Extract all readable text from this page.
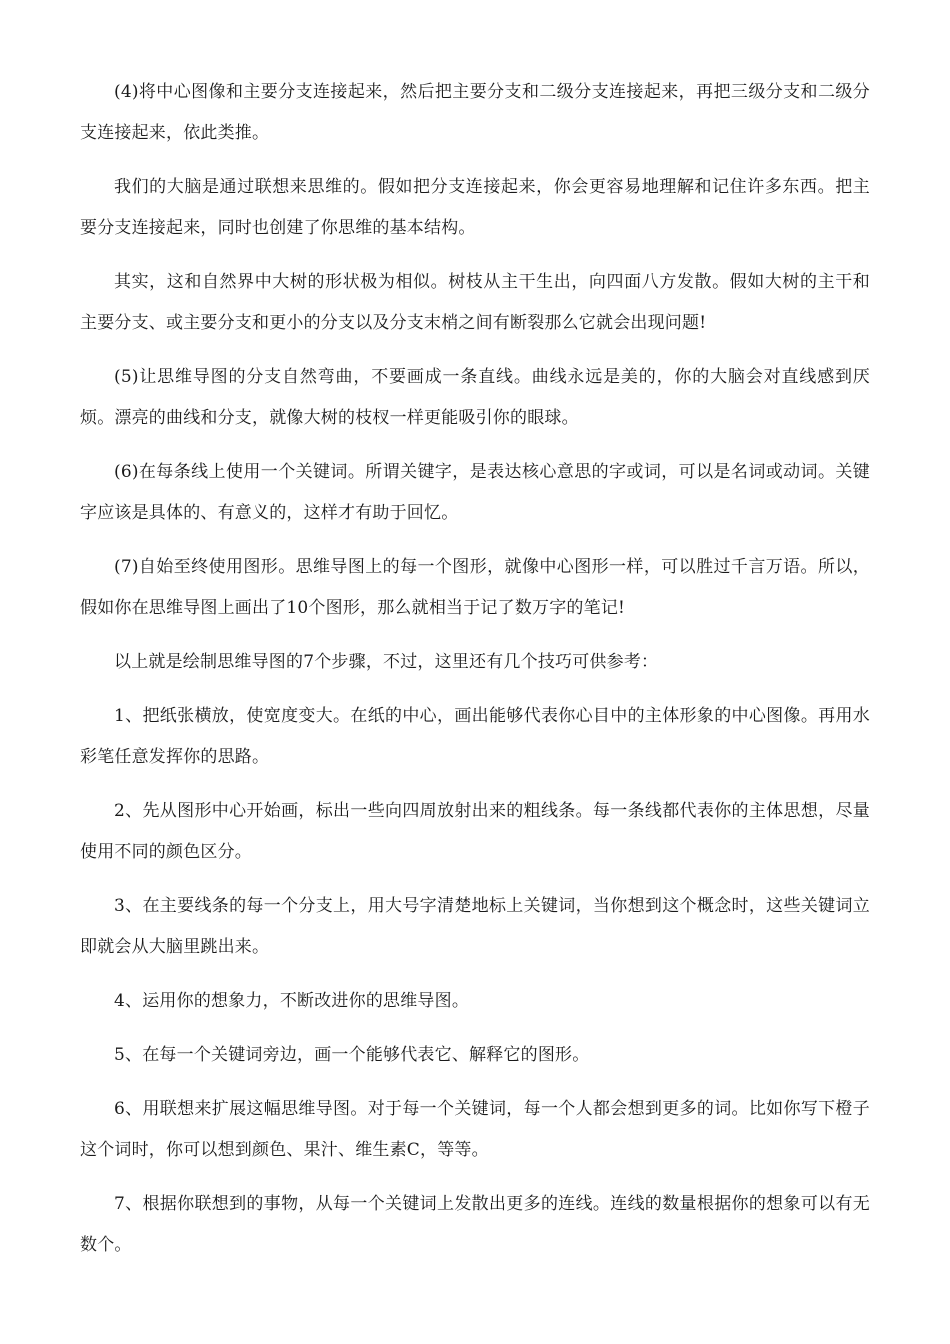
(4)将中心图像和主要分支连接起来，然后把主要分支和二级分支连接起来，再把三级分支和二级分支连接起来，依此类推。

我们的大脑是通过联想来思维的。假如把分支连接起来，你会更容易地理解和记住许多东西。把主要分支连接起来，同时也创建了你思维的基本结构。

其实，这和自然界中大树的形状极为相似。树枝从主干生出，向四面八方发散。假如大树的主干和主要分支、或主要分支和更小的分支以及分支末梢之间有断裂那么它就会出现问题!

(5)让思维导图的分支自然弯曲，不要画成一条直线。曲线永远是美的，你的大脑会对直线感到厌烦。漂亮的曲线和分支，就像大树的枝杈一样更能吸引你的眼球。

(6)在每条线上使用一个关键词。所谓关键字，是表达核心意思的字或词，可以是名词或动词。关键字应该是具体的、有意义的，这样才有助于回忆。

(7)自始至终使用图形。思维导图上的每一个图形，就像中心图形一样，可以胜过千言万语。所以，假如你在思维导图上画出了10个图形，那么就相当于记了数万字的笔记!

以上就是绘制思维导图的7个步骤，不过，这里还有几个技巧可供参考：

1、把纸张横放，使宽度变大。在纸的中心，画出能够代表你心目中的主体形象的中心图像。再用水彩笔任意发挥你的思路。

2、先从图形中心开始画，标出一些向四周放射出来的粗线条。每一条线都代表你的主体思想，尽量使用不同的颜色区分。

3、在主要线条的每一个分支上，用大号字清楚地标上关键词，当你想到这个概念时，这些关键词立即就会从大脑里跳出来。

4、运用你的想象力，不断改进你的思维导图。

5、在每一个关键词旁边，画一个能够代表它、解释它的图形。

6、用联想来扩展这幅思维导图。对于每一个关键词，每一个人都会想到更多的词。比如你写下橙子这个词时，你可以想到颜色、果汁、维生素C，等等。

7、根据你联想到的事物，从每一个关键词上发散出更多的连线。连线的数量根据你的想象可以有无数个。
